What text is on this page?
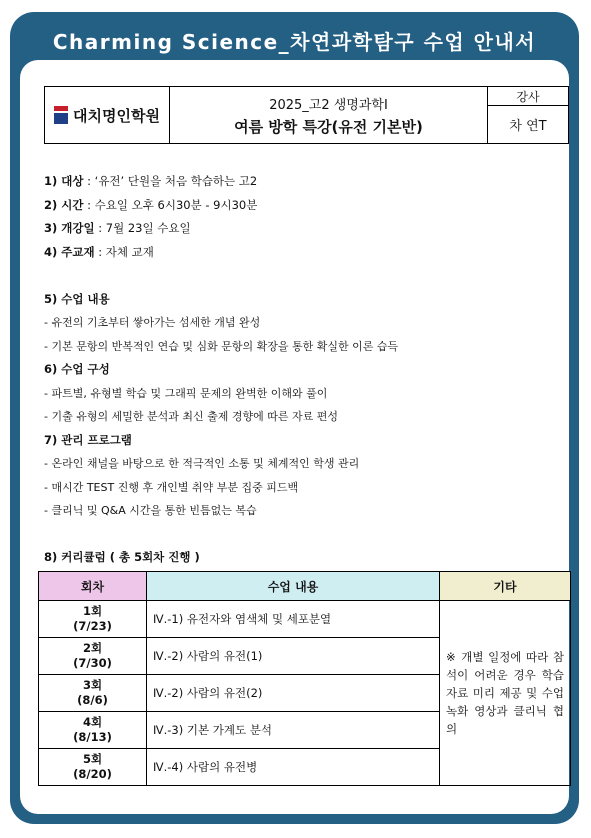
Charming Science_차연과학탐구 수업 안내서
대치명인학원

2025_고2 생명과학I
여름 방학 특강(유전 기본반)
	강사
차 연T
1) 대상 : ‘유전’ 단원을 처음 학습하는 고2
2) 시간 : 수요일 오후 6시30분 - 9시30분
3) 개강일 : 7월 23일 수요일
4) 주교재 : 자체 교재
5) 수업 내용
- 유전의 기초부터 쌓아가는 섬세한 개념 완성
- 기본 문항의 반복적인 연습 및 심화 문항의 확장을 통한 확실한 이론 습득
6) 수업 구성
- 파트별, 유형별 학습 및 그래픽 문제의 완벽한 이해와 풀이
- 기출 유형의 세밀한 분석과 최신 출제 경향에 따른 자료 편성
7) 관리 프로그램
- 온라인 채널을 바탕으로 한 적극적인 소통 및 체계적인 학생 관리
- 매시간 TEST 진행 후 개인별 취약 부분 집중 피드백
- 클리닉 및 Q&A 시간을 통한 빈틈없는 복습
8) 커리큘럼 ( 총 5회차 진행 )
회차	수업 내용	기타
1회
(7/23)	Ⅳ.-1) 유전자와 염색체 및 세포분열	※ 개별 일정에 따라 참석이 어려운 경우 학습 자료 미리 제공 및 수업 녹화 영상과 클리닉 협의
2회
(7/30)	Ⅳ.-2) 사람의 유전(1)	
3회
(8/6)	Ⅳ.-2) 사람의 유전(2)	
4회
(8/13)	Ⅳ.-3) 기본 가계도 분석	
5회
(8/20)	Ⅳ.-4) 사람의 유전병	
